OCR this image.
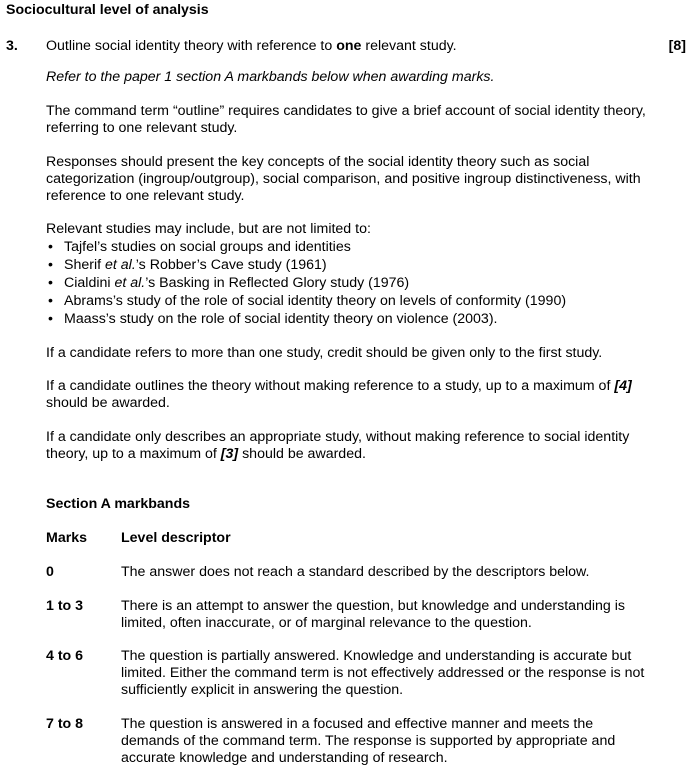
Sociocultural level of analysis
3. Outline social identity theory with reference to one relevant study.	[8]
Refer to the paper 1 section A markbands below when awarding marks.
The command term “outline” requires candidates to give a brief account of social identity theory, referring to one relevant study.
Responses should present the key concepts of the social identity theory such as social categorization (ingroup/outgroup), social comparison, and positive ingroup distinctiveness, with reference to one relevant study.
Relevant studies may include, but are not limited to:
• Tajfel’s studies on social groups and identities
• Sherif et al.’s Robber’s Cave study (1961)
• Cialdini et al.’s Basking in Reflected Glory study (1976)
• Abrams’s study of the role of social identity theory on levels of conformity (1990)
• Maass’s study on the role of social identity theory on violence (2003).
If a candidate refers to more than one study, credit should be given only to the first study.
If a candidate outlines the theory without making reference to a study, up to a maximum of [4] should be awarded.
If a candidate only describes an appropriate study, without making reference to social identity theory, up to a maximum of [3] should be awarded.
Section A markbands
Marks Level descriptor
0	The answer does not reach a standard described by the descriptors below.
1 to 3	There is an attempt to answer the question, but knowledge and understanding is limited, often inaccurate, or of marginal relevance to the question.
4 to 6	The question is partially answered. Knowledge and understanding is accurate but limited. Either the command term is not effectively addressed or the response is not sufficiently explicit in answering the question.
7 to 8	The question is answered in a focused and effective manner and meets the demands of the command term. The response is supported by appropriate and accurate knowledge and understanding of research.
